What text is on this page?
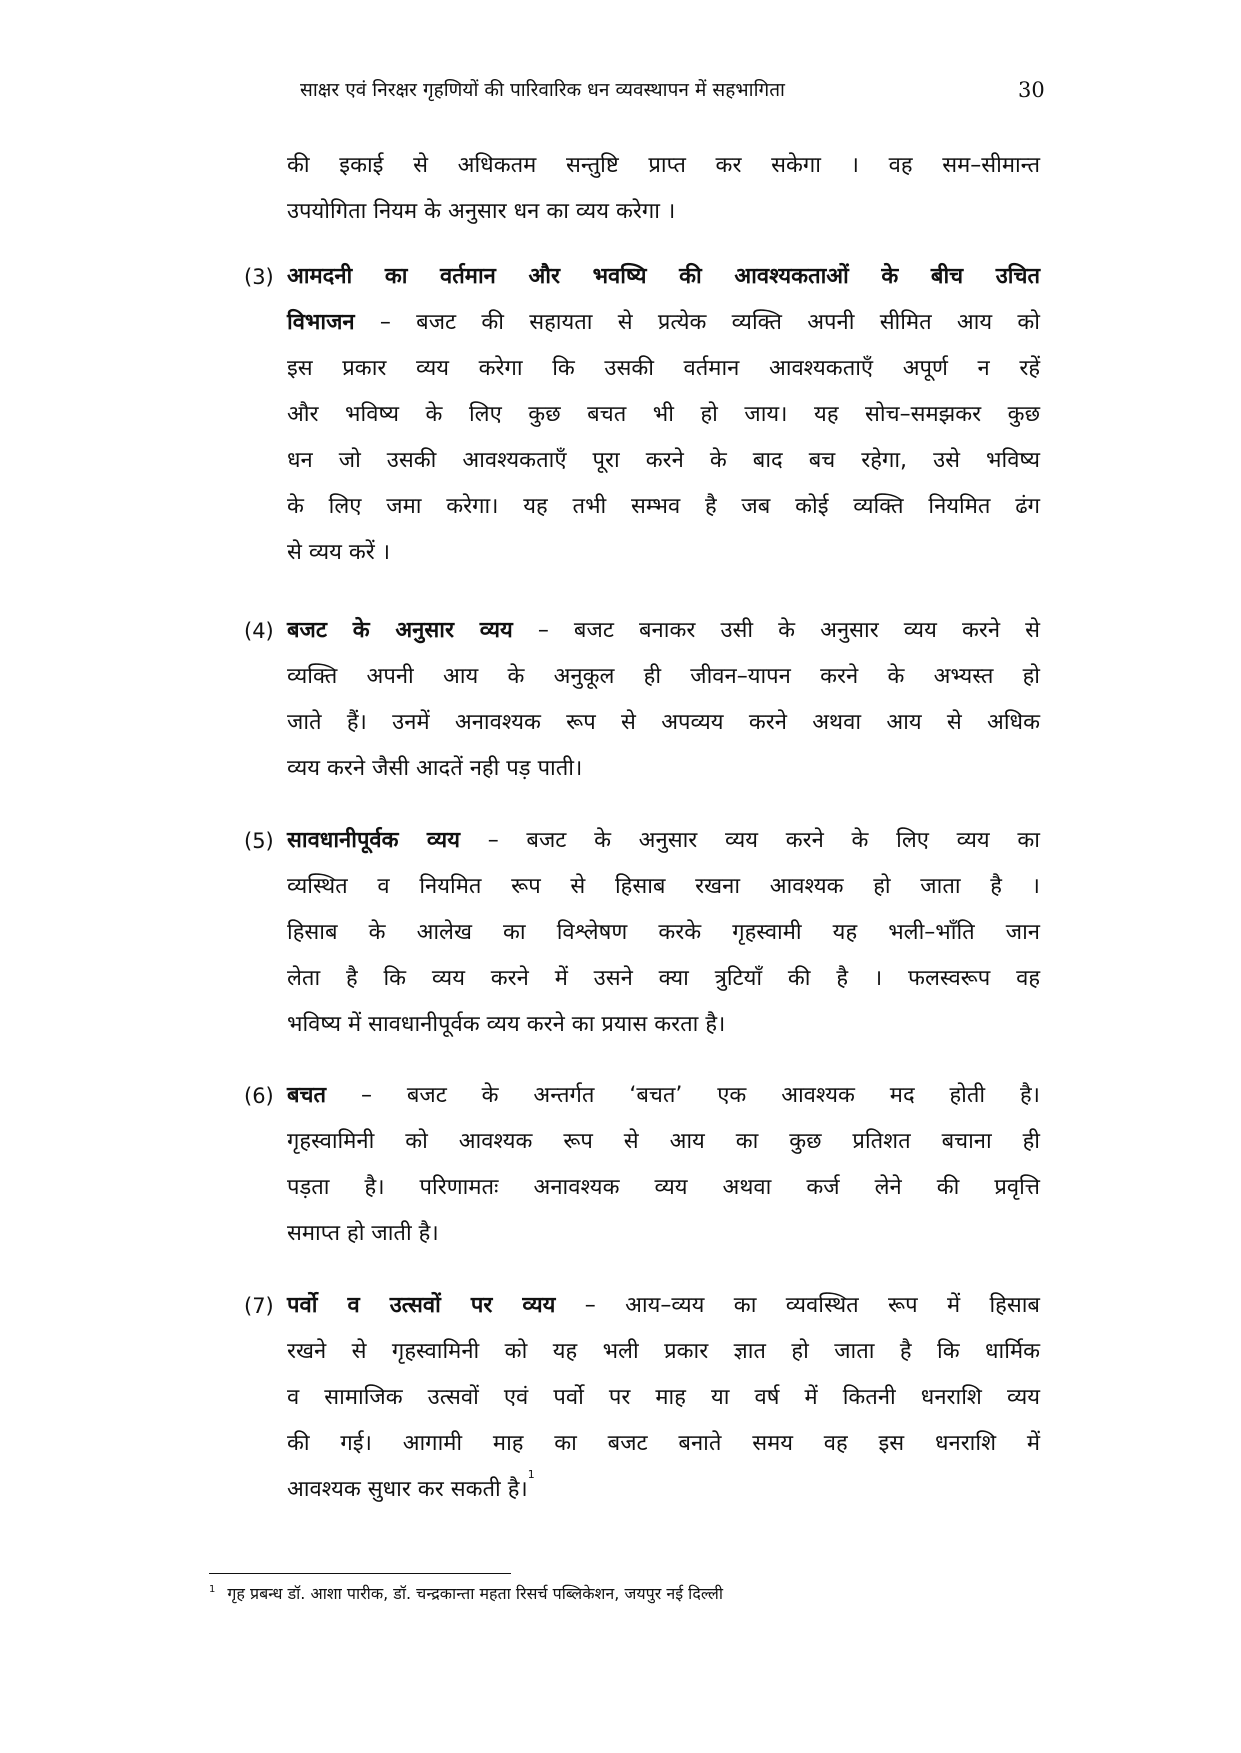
साक्षर एवं निरक्षर गृहणियों की पारिवारिक धन व्यवस्थापन में सहभागिता	30
की इकाई से अधिकतम सन्तुष्टि प्राप्त कर सकेगा । वह सम–सीमान्त
उपयोगिता नियम के अनुसार धन का व्यय करेगा ।
(3) आमदनी का वर्तमान और भवष्यि की आवश्यकताओं के बीच उचित
विभाजन – बजट की सहायता से प्रत्येक व्यक्ति अपनी सीमित आय को
इस प्रकार व्यय करेगा कि उसकी वर्तमान आवश्यकताएँ अपूर्ण न रहें
और भविष्य के लिए कुछ बचत भी हो जाय। यह सोच–समझकर कुछ
धन जो उसकी आवश्यकताएँ पूरा करने के बाद बच रहेगा, उसे भविष्य
के लिए जमा करेगा। यह तभी सम्भव है जब कोई व्यक्ति नियमित ढंग
से व्यय करें ।
(4) बजट के अनुसार व्यय – बजट बनाकर उसी के अनुसार व्यय करने से
व्यक्ति अपनी आय के अनुकूल ही जीवन–यापन करने के अभ्यस्त हो
जाते हैं। उनमें अनावश्यक रूप से अपव्यय करने अथवा आय से अधिक
व्यय करने जैसी आदतें नही पड़ पाती।
(5) सावधानीपूर्वक व्यय – बजट के अनुसार व्यय करने के लिए व्यय का
व्यस्थित व नियमित रूप से हिसाब रखना आवश्यक हो जाता है ।
हिसाब के आलेख का विश्लेषण करके गृहस्वामी यह भली–भाँति जान
लेता है कि व्यय करने में उसने क्या त्रुटियाँ की है । फलस्वरूप वह
भविष्य में सावधानीपूर्वक व्यय करने का प्रयास करता है।
(6) बचत – बजट के अन्तर्गत ‘बचत’ एक आवश्यक मद होती है।
गृहस्वामिनी को आवश्यक रूप से आय का कुछ प्रतिशत बचाना ही
पड़ता है। परिणामतः अनावश्यक व्यय अथवा कर्ज लेने की प्रवृत्ति
समाप्त हो जाती है।
(7) पर्वो व उत्सवों पर व्यय – आय–व्यय का व्यवस्थित रूप में हिसाब
रखने से गृहस्वामिनी को यह भली प्रकार ज्ञात हो जाता है कि धार्मिक
व सामाजिक उत्सवों एवं पर्वो पर माह या वर्ष में कितनी धनराशि व्यय
की गई। आगामी माह का बजट बनाते समय वह इस धनराशि में
आवश्यक सुधार कर सकती है।$^1$
$^1$ गृह प्रबन्ध डॉ. आशा पारीक, डॉ. चन्द्रकान्ता महता रिसर्च पब्लिकेशन, जयपुर नई दिल्ली
